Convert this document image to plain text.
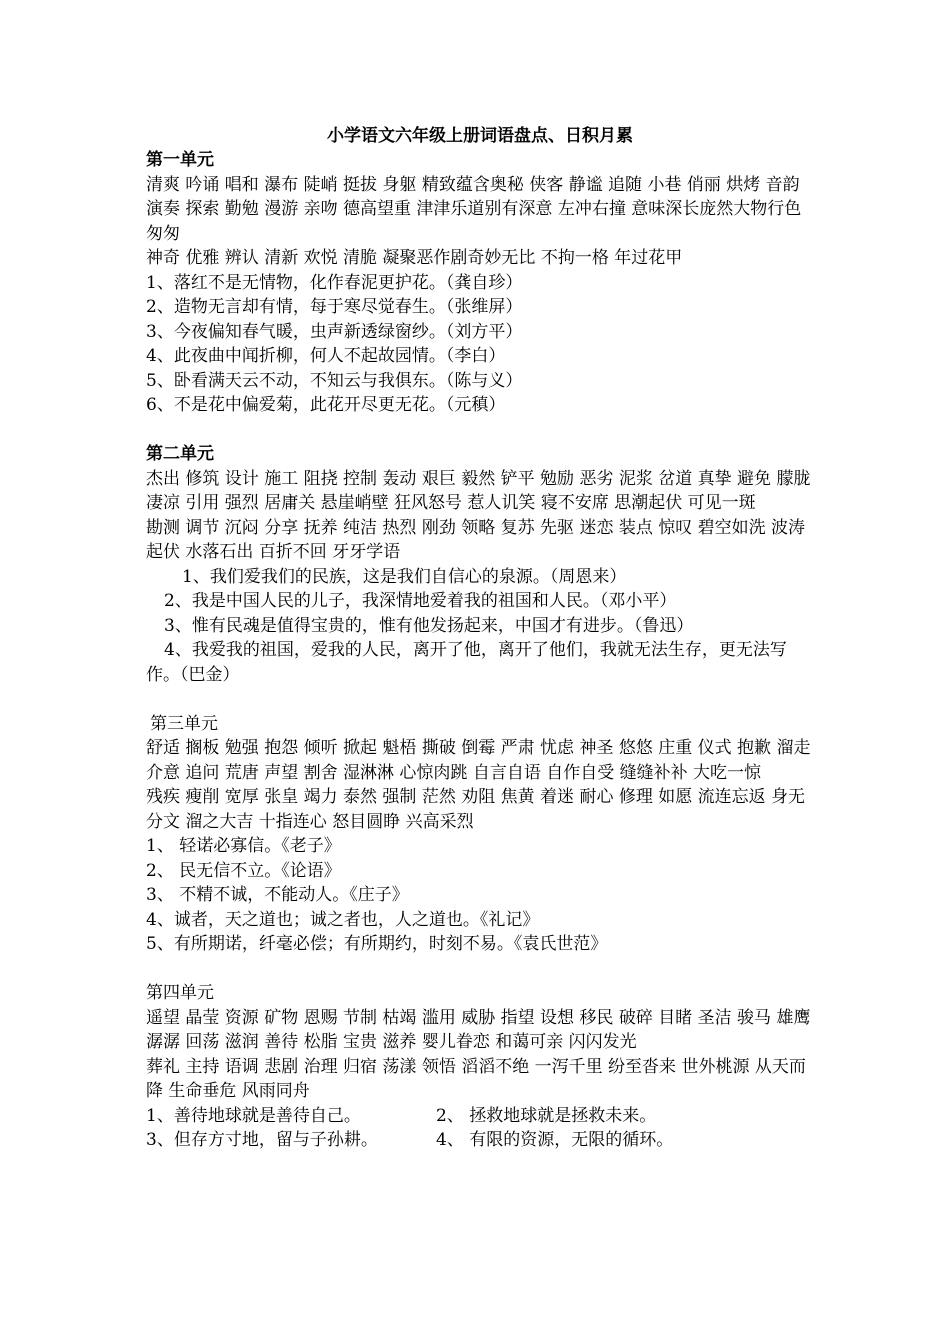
小学语文六年级上册词语盘点、日积月累

第一单元

清爽 吟诵 唱和 瀑布 陡峭 挺拔 身躯 精致蕴含奥秘 侠客 静谧 追随 小巷 俏丽 烘烤 音韵 演奏 探索 勤勉 漫游 亲吻 德高望重 津津乐道别有深意 左冲右撞 意味深长庞然大物行色匆匆

神奇 优雅 辨认 清新 欢悦 清脆 凝聚恶作剧奇妙无比 不拘一格 年过花甲

1、落红不是无情物，化作春泥更护花。（龚自珍）

2、造物无言却有情，每于寒尽觉春生。（张维屏）

3、今夜偏知春气暖，虫声新透绿窗纱。（刘方平）

4、此夜曲中闻折柳，何人不起故园情。（李白）

5、卧看满天云不动，不知云与我俱东。（陈与义）

6、不是花中偏爱菊，此花开尽更无花。（元稹）

第二单元

杰出 修筑 设计 施工 阻挠 控制 轰动 艰巨 毅然 铲平 勉励 恶劣 泥浆 岔道 真挚 避免 朦胧 凄凉 引用 强烈 居庸关 悬崖峭壁 狂风怒号 惹人讥笑 寝不安席 思潮起伏 可见一斑

勘测 调节 沉闷 分享 抚养 纯洁 热烈 刚劲 领略 复苏 先驱 迷恋 装点 惊叹 碧空如洗 波涛起伏 水落石出 百折不回 牙牙学语

1、我们爱我们的民族，这是我们自信心的泉源。（周恩来）

2、我是中国人民的儿子，我深情地爱着我的祖国和人民。（邓小平）

3、惟有民魂是值得宝贵的，惟有他发扬起来，中国才有进步。（鲁迅）

4、我爱我的祖国，爱我的人民，离开了他，离开了他们，我就无法生存，更无法写作。（巴金）

第三单元

舒适 搁板 勉强 抱怨 倾听 掀起 魁梧 撕破 倒霉 严肃 忧虑 神圣 悠悠 庄重 仪式 抱歉 溜走 介意 追问 荒唐 声望 割舍 湿淋淋 心惊肉跳 自言自语 自作自受 缝缝补补 大吃一惊

残疾 瘦削 宽厚 张皇 竭力 泰然 强制 茫然 劝阻 焦黄 着迷 耐心 修理 如愿 流连忘返 身无分文 溜之大吉 十指连心 怒目圆睁 兴高采烈

1、 轻诺必寡信。《老子》

2、 民无信不立。《论语》

3、 不精不诚，不能动人。《庄子》

4、诚者，天之道也；诚之者也，人之道也。《礼记》

5、有所期诺，纤毫必偿；有所期约，时刻不易。《袁氏世范》

第四单元

遥望 晶莹 资源 矿物 恩赐 节制 枯竭 滥用 威胁 指望 设想 移民 破碎 目睹 圣洁 骏马 雄鹰 潺潺 回荡 滋润 善待 松脂 宝贵 滋养 婴儿眷恋 和蔼可亲 闪闪发光

葬礼 主持 语调 悲剧 治理 归宿 荡漾 领悟 滔滔不绝 一泻千里 纷至沓来 世外桃源 从天而降 生命垂危 风雨同舟

1、善待地球就是善待自己。	2、 拯救地球就是拯救未来。
3、但存方寸地，留与子孙耕。	4、 有限的资源，无限的循环。
